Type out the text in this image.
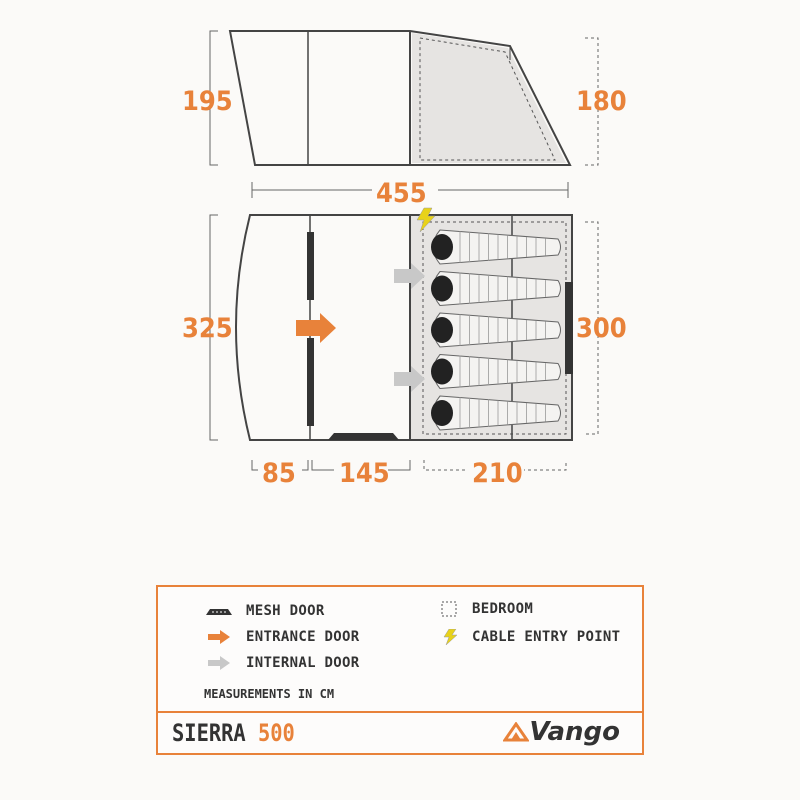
195	180
455
325	300
85 145	210
MESH DOOR
ENTRANCE DOOR
INTERNAL DOOR
BEDROOM
CABLE ENTRY POINT
MEASUREMENTS IN CM
SIERRA 500	Vango
